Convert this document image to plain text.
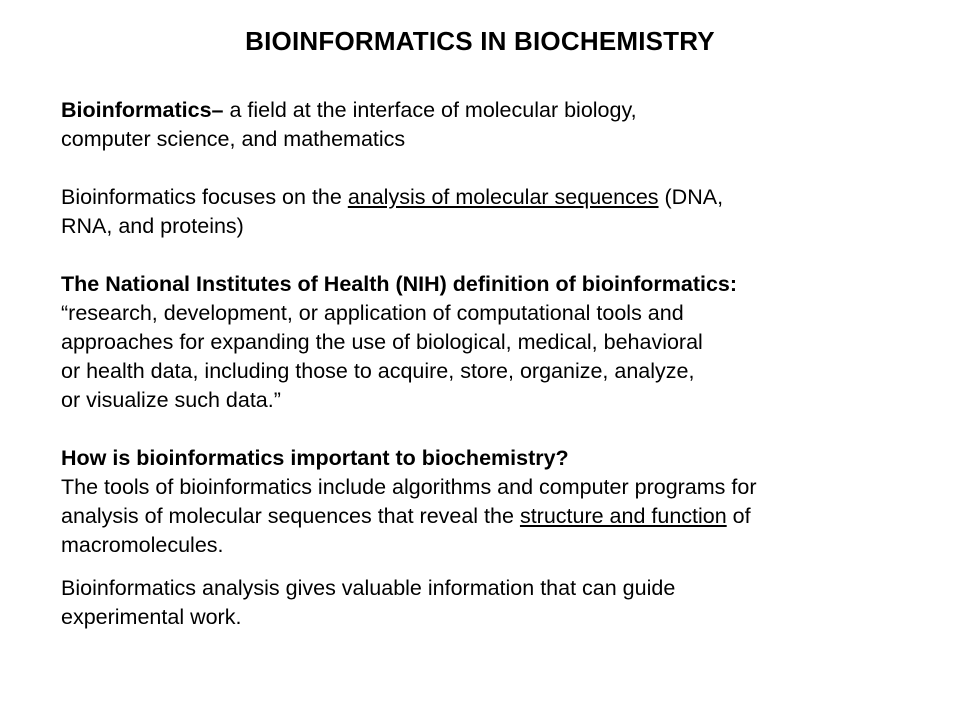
BIOINFORMATICS IN BIOCHEMISTRY

Bioinformatics– a field at the interface of molecular biology,
computer science, and mathematics

Bioinformatics focuses on the analysis of molecular sequences (DNA,
RNA, and proteins)

The National Institutes of Health (NIH) definition of bioinformatics:
“research, development, or application of computational tools and
approaches for expanding the use of biological, medical, behavioral
or health data, including those to acquire, store, organize, analyze,
or visualize such data.”

How is bioinformatics important to biochemistry?
The tools of bioinformatics include algorithms and computer programs for
analysis of molecular sequences that reveal the structure and function of
macromolecules.

Bioinformatics analysis gives valuable information that can guide
experimental work.
